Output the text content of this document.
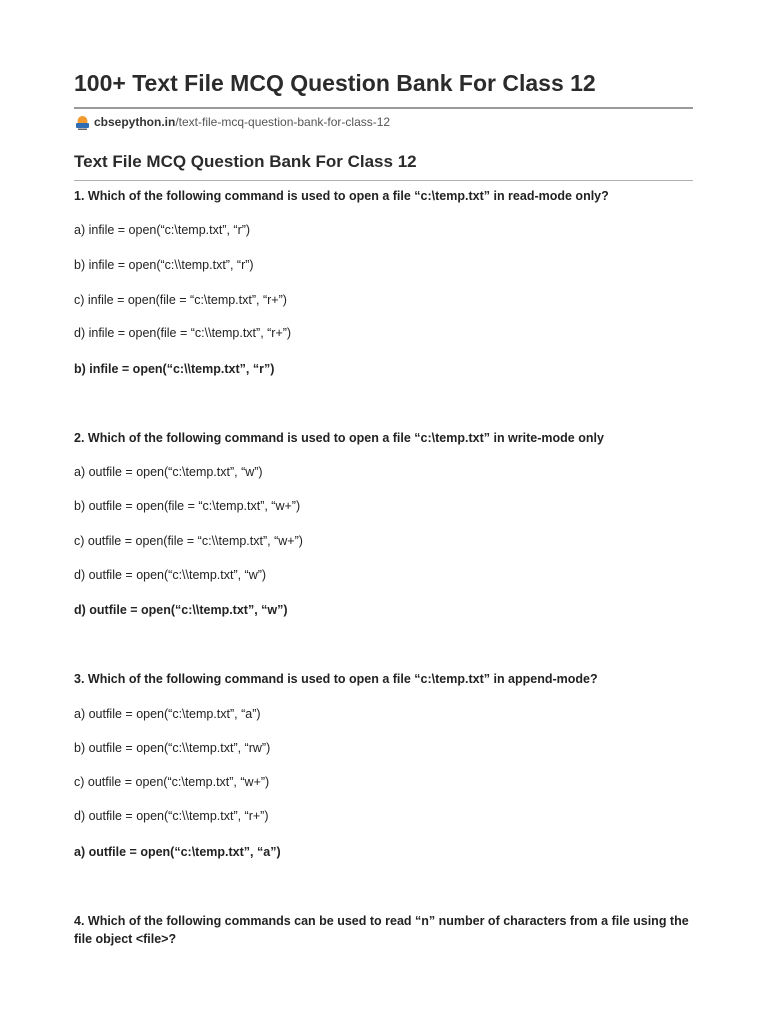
100+ Text File MCQ Question Bank For Class 12
cbsepython.in/text-file-mcq-question-bank-for-class-12
Text File MCQ Question Bank For Class 12

1. Which of the following command is used to open a file “c:\temp.txt” in read-mode only?

a) infile = open(“c:\temp.txt”, “r”)

b) infile = open(“c:\\temp.txt”, “r”)

c) infile = open(file = “c:\temp.txt”, “r+”)

d) infile = open(file = “c:\\temp.txt”, “r+”)

b) infile = open(“c:\\temp.txt”, “r”)

2. Which of the following command is used to open a file “c:\temp.txt” in write-mode only

a) outfile = open(“c:\temp.txt”, “w”)

b) outfile = open(file = “c:\temp.txt”, “w+”)

c) outfile = open(file = “c:\\temp.txt”, “w+”)

d) outfile = open(“c:\\temp.txt”, “w”)

d) outfile = open(“c:\\temp.txt”, “w”)

3. Which of the following command is used to open a file “c:\temp.txt” in append-mode?

a) outfile = open(“c:\temp.txt”, “a”)

b) outfile = open(“c:\\temp.txt”, “rw”)

c) outfile = open(“c:\temp.txt”, “w+”)

d) outfile = open(“c:\\temp.txt”, “r+”)

a) outfile = open(“c:\temp.txt”, “a”)

4. Which of the following commands can be used to read “n” number of characters from a file using the file object <file>?
